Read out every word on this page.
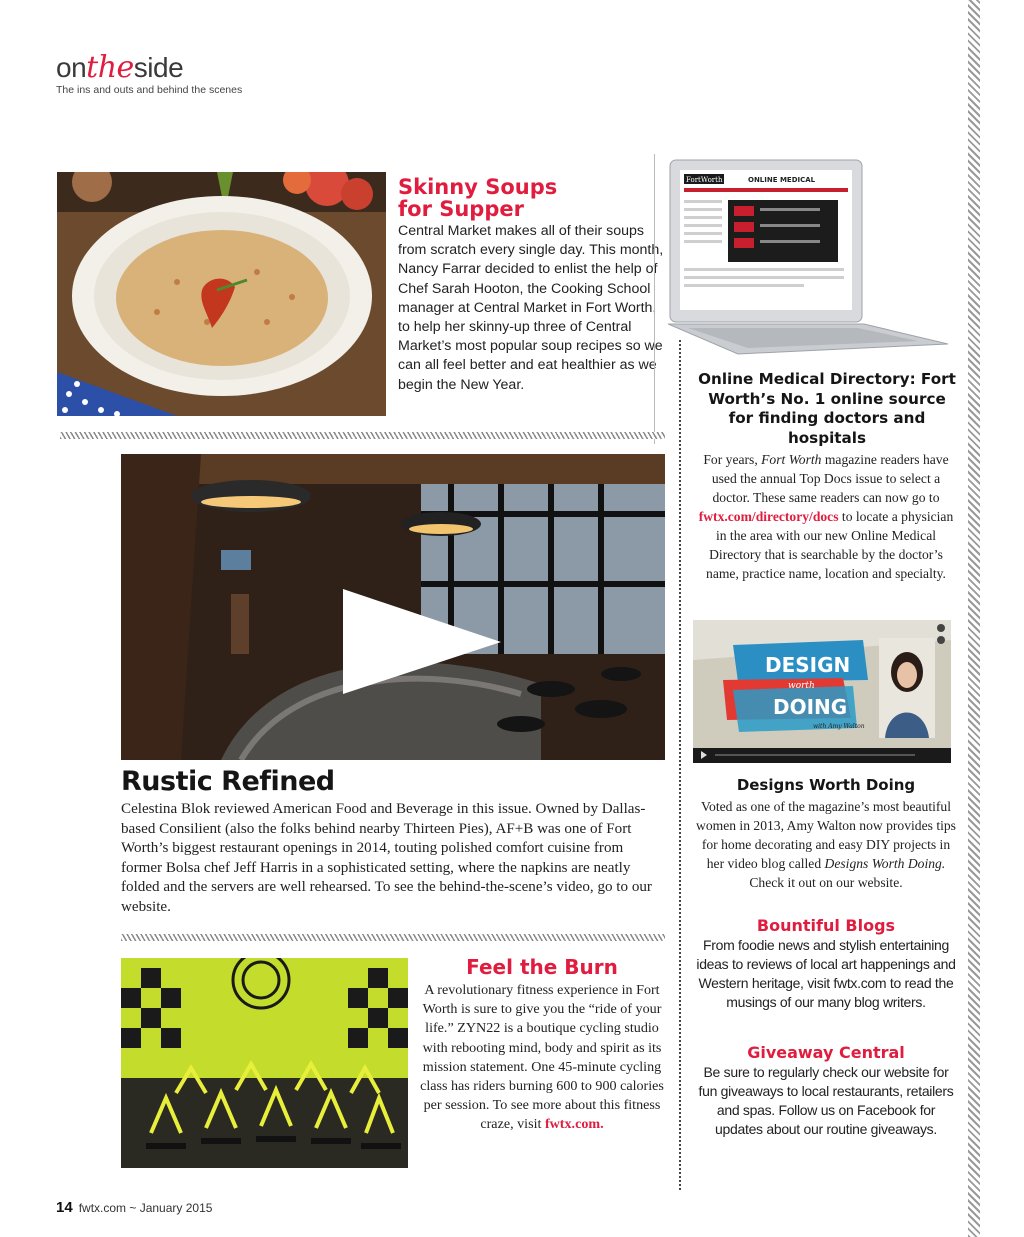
ontheside
The ins and outs and behind the scenes
Skinny Soups for Supper
Central Market makes all of their soups from scratch every single day. This month, Nancy Farrar decided to enlist the help of Chef Sarah Hooton, the Cooking School manager at Central Market in Fort Worth, to help her skinny-up three of Central Market’s most popular soup recipes so we can all feel better and eat healthier as we begin the New Year.
FortWorth	ONLINE MEDICAL
Online Medical Directory: Fort Worth’s No. 1 online source for finding doctors and hospitals
For years, Fort Worth magazine readers have used the annual Top Docs issue to select a doctor. These same readers can now go to fwtx.com/directory/docs to locate a physician in the area with our new Online Medical Directory that is searchable by the doctor’s name, practice name, location and specialty.
Rustic Refined
Celestina Blok reviewed American Food and Beverage in this issue. Owned by Dallas-based Consilient (also the folks behind nearby Thirteen Pies), AF+B was one of Fort Worth’s biggest restaurant openings in 2014, touting polished comfort cuisine from former Bolsa chef Jeff Harris in a sophisticated setting, where the napkins are neatly folded and the servers are well rehearsed. To see the behind-the-scene’s video, go to our website.
DESIGN
worth
DOING
with Amy Walton
Designs Worth Doing
Voted as one of the magazine’s most beautiful women in 2013, Amy Walton now provides tips for home decorating and easy DIY projects in her video blog called Designs Worth Doing. Check it out on our website.
Bountiful Blogs
From foodie news and stylish entertaining ideas to reviews of local art happenings and Western heritage, visit fwtx.com to read the musings of our many blog writers.
Giveaway Central
Be sure to regularly check our website for fun giveaways to local restaurants, retailers and spas. Follow us on Facebook for updates about our routine giveaways.
Feel the Burn
A revolutionary fitness experience in Fort Worth is sure to give you the “ride of your life.” ZYN22 is a boutique cycling studio with rebooting mind, body and spirit as its mission statement. One 45-minute cycling class has riders burning 600 to 900 calories per session. To see more about this fitness craze, visit fwtx.com.
14 fwtx.com ~ January 2015
